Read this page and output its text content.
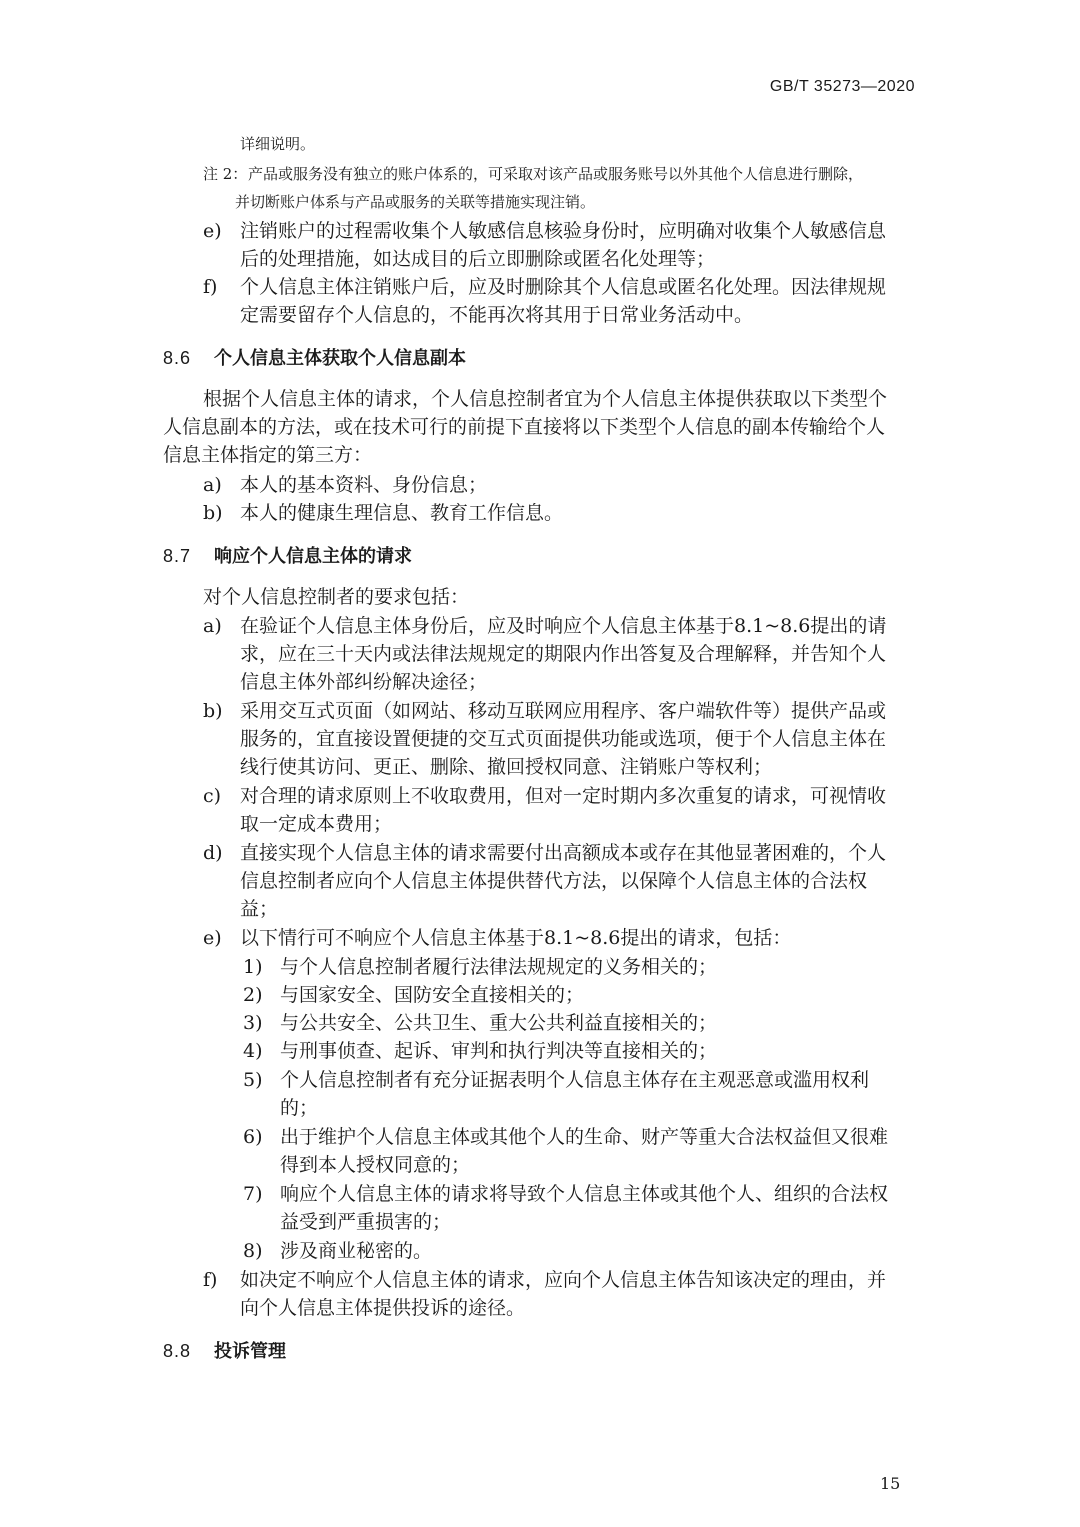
GB/T 35273—2020
详细说明。
注 2： 产品或服务没有独立的账户体系的，可采取对该产品或服务账号以外其他个人信息进行删除，
并切断账户体系与产品或服务的关联等措施实现注销。
e) 注销账户的过程需收集个人敏感信息核验身份时，应明确对收集个人敏感信息
后的处理措施，如达成目的后立即删除或匿名化处理等；
f) 个人信息主体注销账户后，应及时删除其个人信息或匿名化处理。因法律规规
定需要留存个人信息的，不能再次将其用于日常业务活动中。
8.6 个人信息主体获取个人信息副本
根据个人信息主体的请求，个人信息控制者宜为个人信息主体提供获取以下类型个
人信息副本的方法，或在技术可行的前提下直接将以下类型个人信息的副本传输给个人
信息主体指定的第三方：
a) 本人的基本资料、身份信息；
b) 本人的健康生理信息、教育工作信息。
8.7 响应个人信息主体的请求
对个人信息控制者的要求包括：
a) 在验证个人信息主体身份后，应及时响应个人信息主体基于8.1~8.6提出的请
求，应在三十天内或法律法规规定的期限内作出答复及合理解释，并告知个人
信息主体外部纠纷解决途径；
b) 采用交互式页面（如网站、移动互联网应用程序、客户端软件等）提供产品或
服务的，宜直接设置便捷的交互式页面提供功能或选项，便于个人信息主体在
线行使其访问、更正、删除、撤回授权同意、注销账户等权利；
c) 对合理的请求原则上不收取费用，但对一定时期内多次重复的请求，可视情收
取一定成本费用；
d) 直接实现个人信息主体的请求需要付出高额成本或存在其他显著困难的，个人
信息控制者应向个人信息主体提供替代方法，以保障个人信息主体的合法权
益；
e) 以下情行可不响应个人信息主体基于8.1~8.6提出的请求，包括：
1) 与个人信息控制者履行法律法规规定的义务相关的；
2) 与国家安全、国防安全直接相关的；
3) 与公共安全、公共卫生、重大公共利益直接相关的；
4) 与刑事侦查、起诉、审判和执行判决等直接相关的；
5) 个人信息控制者有充分证据表明个人信息主体存在主观恶意或滥用权利
的；
6) 出于维护个人信息主体或其他个人的生命、财产等重大合法权益但又很难
得到本人授权同意的；
7) 响应个人信息主体的请求将导致个人信息主体或其他个人、组织的合法权
益受到严重损害的；
8) 涉及商业秘密的。
f) 如决定不响应个人信息主体的请求，应向个人信息主体告知该决定的理由，并
向个人信息主体提供投诉的途径。
8.8 投诉管理
15
